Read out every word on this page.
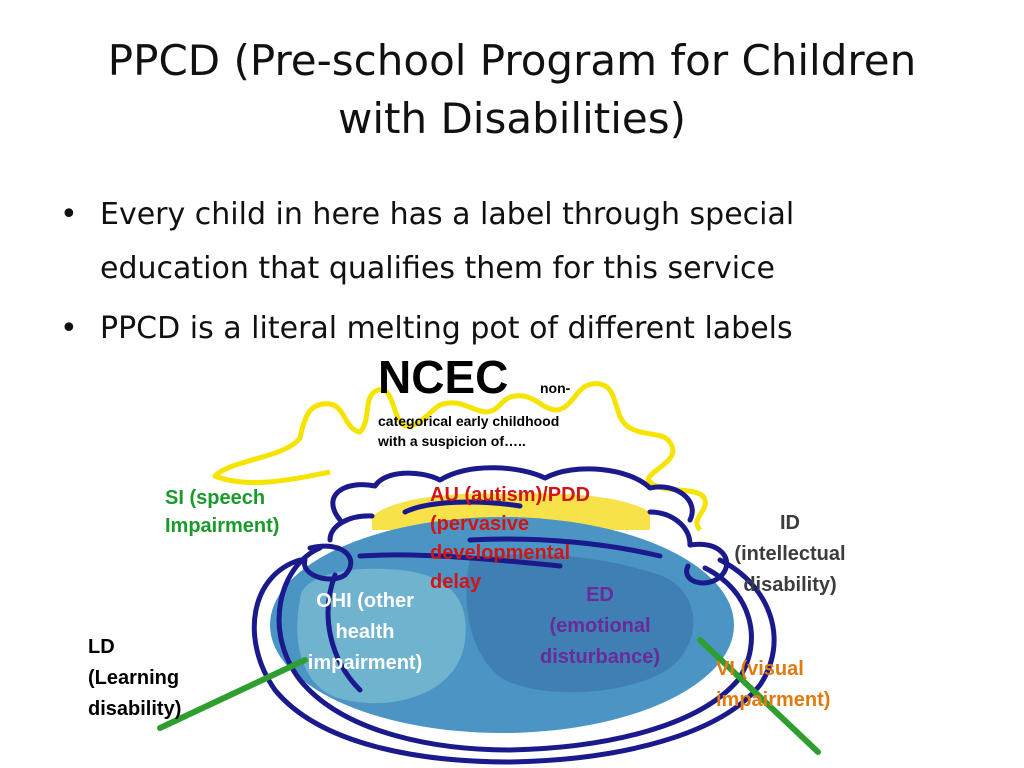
PPCD (Pre-school Program for Children
with Disabilities)
• Every child in here has a label through special
education that qualifies them for this service
• PPCD is a literal melting pot of different labels
NCEC non-
categorical early childhood
with a suspicion of…..
SI (speech
Impairment)
AU (autism)/PDD
(pervasive
developmental
delay
ID
(intellectual
disability)
OHI (other
health
impairment)
ED
(emotional
disturbance)
LD
(Learning
disability)
VI (visual
impairment)
